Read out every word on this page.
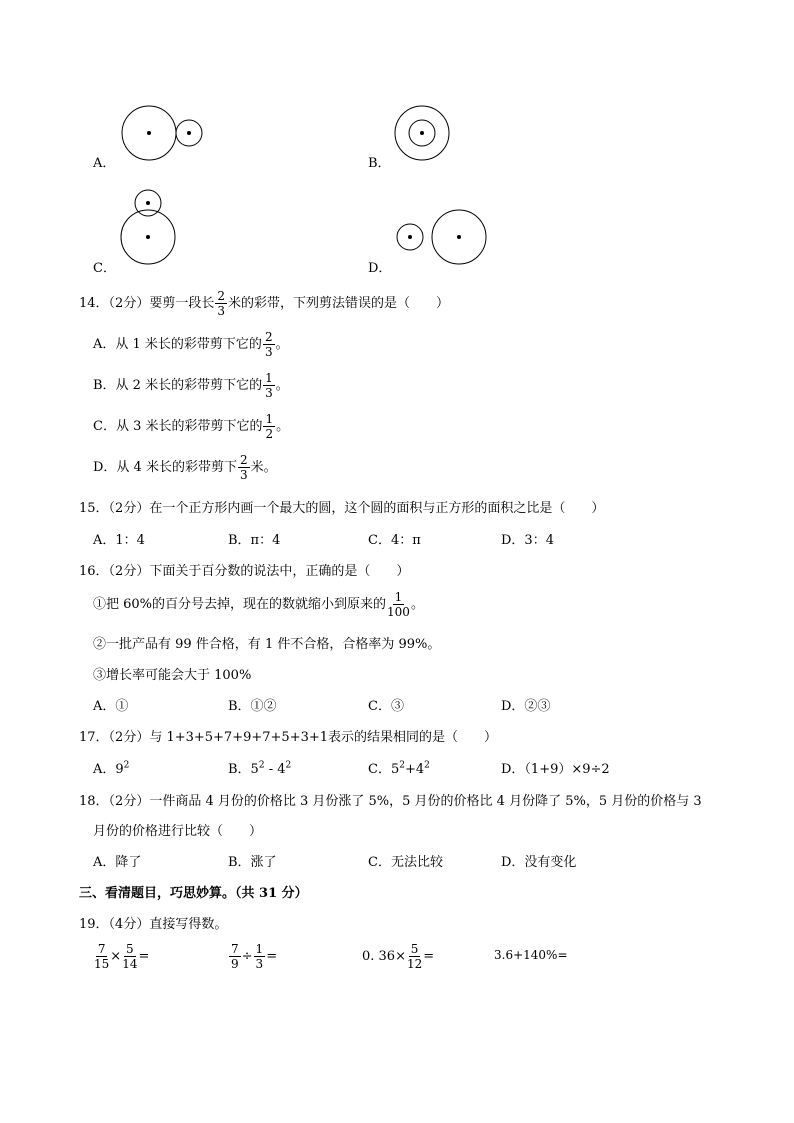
A．	B．
C．	D．
14．（2分）要剪一段长 $\frac{2}{3}$ 米的彩带，下列剪法错误的是（　　）
A．从 1 米长的彩带剪下它的 $\frac{2}{3}$ 。
B．从 2 米长的彩带剪下它的 $\frac{1}{3}$ 。
C．从 3 米长的彩带剪下它的 $\frac{1}{2}$ 。
D．从 4 米长的彩带剪下 $\frac{2}{3}$ 米。
15．（2分）在一个正方形内画一个最大的圆，这个圆的面积与正方形的面积之比是（　　）
A．1：4	B．π：4	C．4：π	D．3：4
16．（2分）下面关于百分数的说法中，正确的是（　　）
①把 60%的百分号去掉，现在的数就缩小到原来的 $\frac{1}{100}$ 。
②一批产品有 99 件合格，有 1 件不合格，合格率为 99%。
③增长率可能会大于 100%
A．①	B．①②	C．③	D．②③
17．（2分）与 1+3+5+7+9+7+5+3+1表示的结果相同的是（　　）
A．$9^2$	B．$5^2 - 4^2$	C．$5^2+4^2$	D．（1+9）×9÷2
18．（2分）一件商品 4 月份的价格比 3 月份涨了 5%，5 月份的价格比 4 月份降了 5%，5 月份的价格与 3
月份的价格进行比较（　　）
A．降了	B．涨了	C．无法比较	D．没有变化
三、看清题目，巧思妙算。（共 31 分）
19．（4分）直接写得数。
$\frac{7}{15} \times \frac{5}{14}$ =	$\frac{7}{9} \div \frac{1}{3}$ =	0. $36\times \frac{5}{12}$ =	3.6+140%=
